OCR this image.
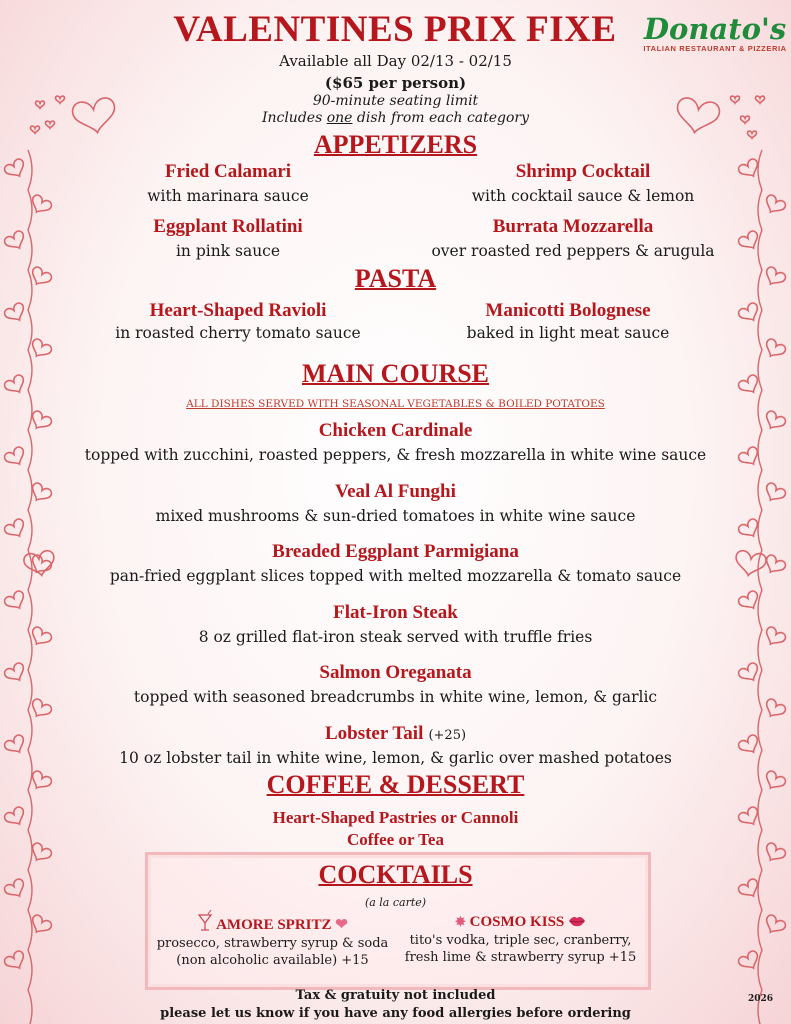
VALENTINES PRIX FIXE Donato's
ITALIAN RESTAURANT & PIZZERIA
Available all Day 02/13 - 02/15
($65 per person)
90-minute seating limit
Includes one dish from each category
APPETIZERS
Fried Calamari
with marinara sauce
Shrimp Cocktail
with cocktail sauce & lemon
Eggplant Rollatini
in pink sauce
Burrata Mozzarella
over roasted red peppers & arugula
PASTA
Heart-Shaped Ravioli
in roasted cherry tomato sauce
Manicotti Bolognese
baked in light meat sauce
MAIN COURSE
ALL DISHES SERVED WITH SEASONAL VEGETABLES & BOILED POTATOES
Chicken Cardinale
topped with zucchini, roasted peppers, & fresh mozzarella in white wine sauce
Veal Al Funghi
mixed mushrooms & sun-dried tomatoes in white wine sauce
Breaded Eggplant Parmigiana
pan-fried eggplant slices topped with melted mozzarella & tomato sauce
Flat-Iron Steak
8 oz grilled flat-iron steak served with truffle fries
Salmon Oreganata
topped with seasoned breadcrumbs in white wine, lemon, & garlic
Lobster Tail (+25)
10 oz lobster tail in white wine, lemon, & garlic over mashed potatoes
COFFEE & DESSERT
Heart-Shaped Pastries or Cannoli
Coffee or Tea
COCKTAILS
(a la carte)
AMORE SPRITZ ❤
prosecco, strawberry syrup & soda
(non alcoholic available) +15
✸ COSMO KISS
tito's vodka, triple sec, cranberry,
fresh lime & strawberry syrup +15
Tax & gratuity not included
please let us know if you have any food allergies before ordering
2026
